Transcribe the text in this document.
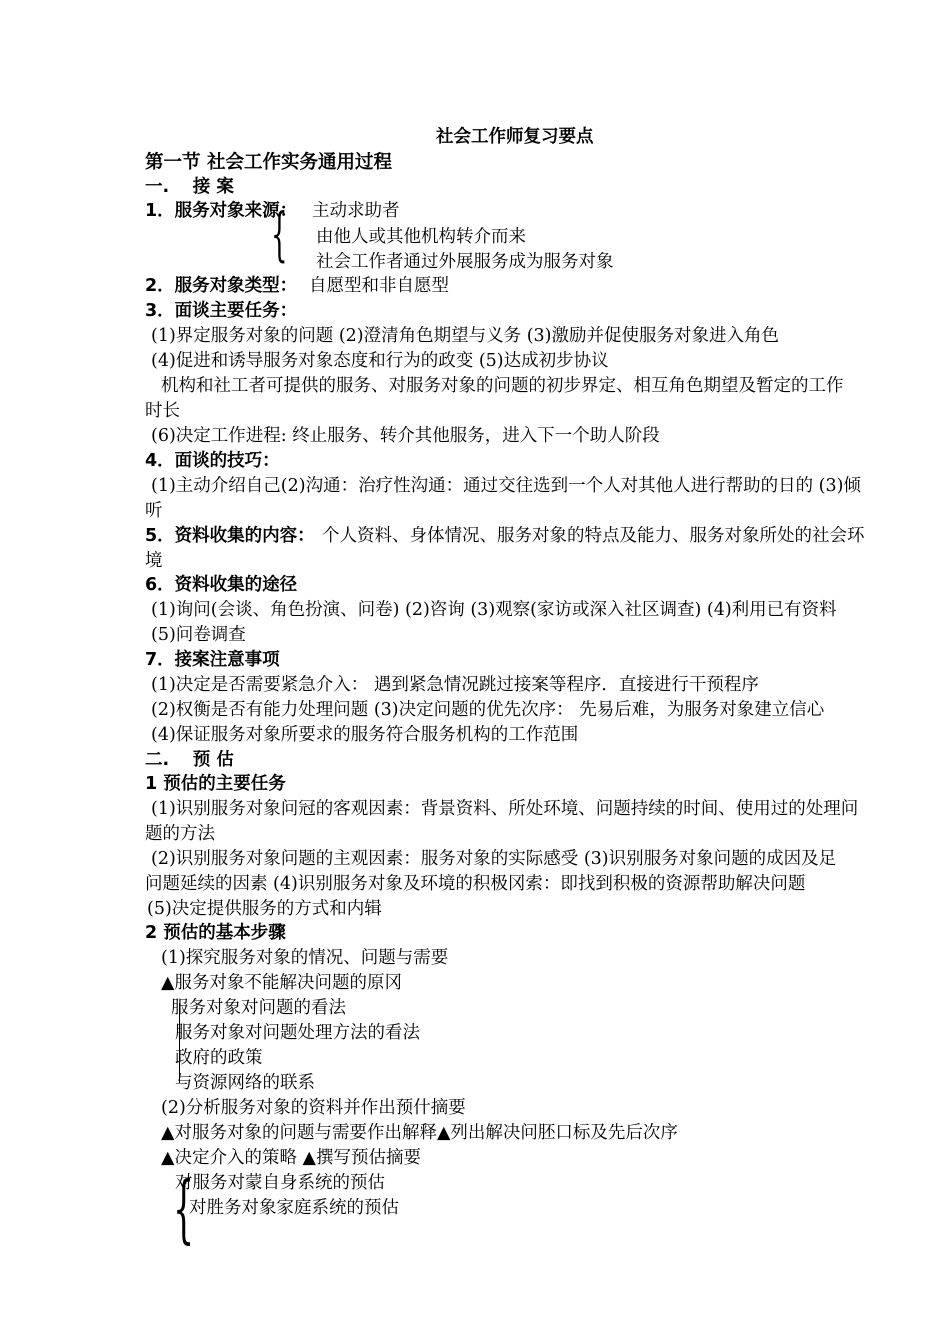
社会工作师复习要点
第一节 社会工作实务通用过程
一.　 接 案
1．服务对象来源： 主动求助者
{ 由他人或其他机构转介而来
社会工作者通过外展服务成为服务对象
2．服务对象类型： 自愿型和非自愿型
3．面谈主要任务：
(1)界定服务对象的问题 (2)澄清角色期望与义务 (3)激励并促使服务对象进入角色
(4)促进和诱导服务对象态度和行为的政变 (5)达成初步协议
机构和社工者可提供的服务、对服务对象的问题的初步界定、相互角色期望及暂定的工作
时长
(6)决定工作进程: 终止服务、转介其他服务，进入下一个助人阶段
4．面谈的技巧：
(1)主动介绍自己(2)沟通：治疗性沟通：通过交往选到一个人对其他人进行帮助的日的 (3)倾
听
5．资料收集的内容： 个人资料、身体情况、服务对象的特点及能力、服务对象所处的社会环
境
6．资料收集的途径
(1)询问(会谈、角色扮演、问卷) (2)咨询 (3)观察(家访或深入社区调查) (4)利用已有资料
(5)问卷调查
7．接案注意事项
(1)决定是否需要紧急介入： 遇到紧急情况跳过接案等程序．直接进行干预程序
(2)权衡是否有能力处理问题 (3)决定问题的优先次序： 先易后难，为服务对象建立信心
(4)保证服务对象所要求的服务符合服务机构的工作范围
二.　 预 估
1 预估的主要任务
(1)识别服务对象问冠的客观因素：背景资料、所处环境、问题持续的时间、使用过的处理问
题的方法
(2)识别服务对象问题的主观因素：服务对象的实际感受 (3)识别服务对象问题的成因及足
问题延续的因素 (4)识别服务对象及环境的积极冈索：即找到积极的资源帮助解决问题
(5)决定提供服务的方式和内辑
2 预估的基本步骤
(1)探究服务对象的情况、问题与需要
▲服务对象不能解决问题的原冈
服务对象对问题的看法
服务对象对问题处理方法的看法
政府的政策
与资源网络的联系
(2)分析服务对象的资料并作出预什摘要
▲对服务对象的问题与需要作出解释▲列出解决问胚口标及先后次序
▲决定介入的策略 ▲撰写预估摘要
对服务对蒙自身系统的预估
对胜务对象家庭系统的预估
{
